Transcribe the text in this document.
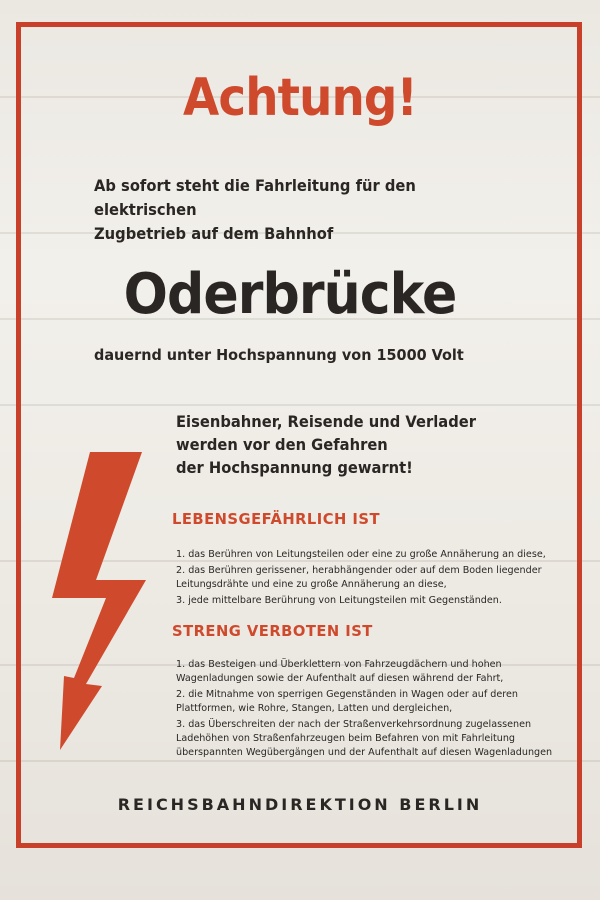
Achtung!
Ab sofort steht die Fahrleitung für den elektrischen
Zugbetrieb auf dem Bahnhof
Oderbrücke
dauernd unter Hochspannung von 15000 Volt
Eisenbahner, Reisende und Verlader
werden vor den Gefahren
der Hochspannung gewarnt!
LEBENSGEFÄHRLICH IST
1. das Berühren von Leitungsteilen oder eine zu große Annäherung an diese,
2. das Berühren gerissener, herabhängender oder auf dem Boden liegender Leitungsdrähte und eine zu große Annäherung an diese,
3. jede mittelbare Berührung von Leitungsteilen mit Gegenständen.
STRENG VERBOTEN IST
1. das Besteigen und Überklettern von Fahrzeugdächern und hohen Wagenladungen sowie der Aufenthalt auf diesen während der Fahrt,
2. die Mitnahme von sperrigen Gegenständen in Wagen oder auf deren Plattformen, wie Rohre, Stangen, Latten und dergleichen,
3. das Überschreiten der nach der Straßenverkehrsordnung zugelassenen Ladehöhen von Straßenfahrzeugen beim Befahren von mit Fahrleitung überspannten Wegübergängen und der Aufenthalt auf diesen Wagenladungen
REICHSBAHNDIREKTION BERLIN
